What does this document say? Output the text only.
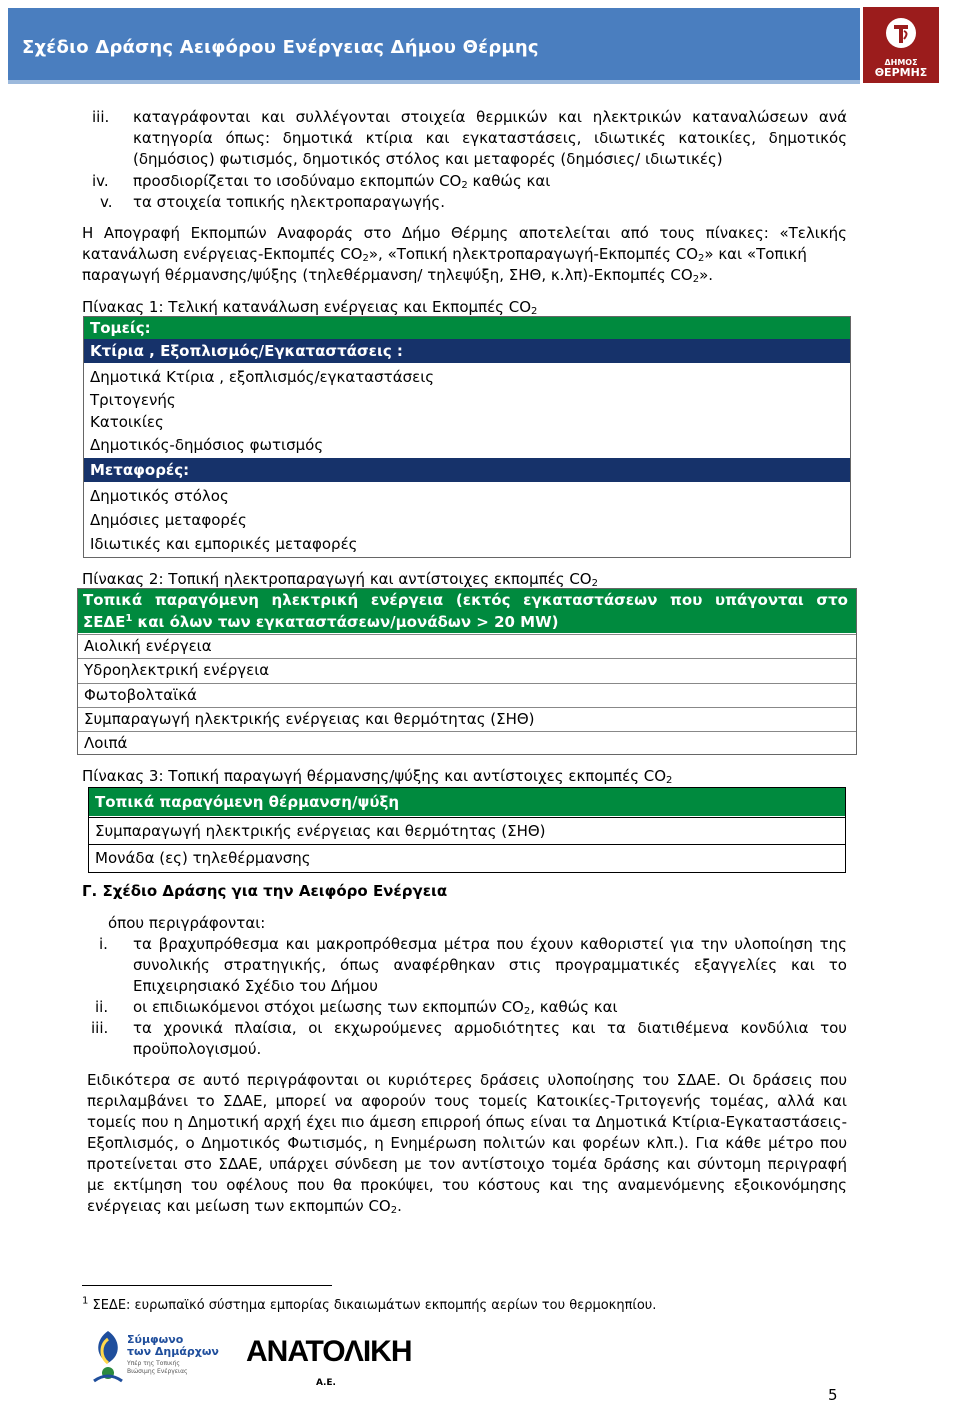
Σχέδιο Δράσης Αειφόρου Ενέργειας Δήμου Θέρμης
ΔΗΜΟΣ
ΘΕΡΜΗΣ
iii. καταγράφονται και συλλέγονται στοιχεία θερμικών και ηλεκτρικών καταναλώσεων ανά
κατηγορία όπως: δημοτικά κτίρια και εγκαταστάσεις, ιδιωτικές κατοικίες, δημοτικός
(δημόσιος) φωτισμός, δημοτικός στόλος και μεταφορές (δημόσιες/ ιδιωτικές)
iv. προσδιορίζεται το ισοδύναμο εκπομπών $CO_2$ καθώς και
v. τα στοιχεία τοπικής ηλεκτροπαραγωγής.
Η Απογραφή Εκπομπών Αναφοράς στο Δήμο Θέρμης αποτελείται από τους πίνακες: «Τελικής
κατανάλωση ενέργειας-Εκπομπές $CO_2$», «Τοπική ηλεκτροπαραγωγή-Εκπομπές $CO_2$» και «Τοπική
παραγωγή θέρμανσης/ψύξης (τηλεθέρμανση/ τηλεψύξη, ΣΗΘ, κ.λπ)-Εκπομπές $CO_2$».
Πίνακας 1: Τελική κατανάλωση ενέργειας και Εκπομπές $CO_2$
Τομείς:
Κτίρια , Εξοπλισμός/Εγκαταστάσεις :
Δημοτικά Κτίρια , εξοπλισμός/εγκαταστάσεις
Τριτογενής
Κατοικίες
Δημοτικός-δημόσιος φωτισμός
Μεταφορές:
Δημοτικός στόλος
Δημόσιες μεταφορές
Ιδιωτικές και εμπορικές μεταφορές
Πίνακας 2: Τοπική ηλεκτροπαραγωγή και αντίστοιχες εκπομπές $CO_2$
Τοπικά παραγόμενη ηλεκτρική ενέργεια (εκτός εγκαταστάσεων που υπάγονται στο
ΣΕΔΕ$^1$ και όλων των εγκαταστάσεων/μονάδων > 20 MW)
Αιολική ενέργεια
Υδροηλεκτρική ενέργεια
Φωτοβολταϊκά
Συμπαραγωγή ηλεκτρικής ενέργειας και θερμότητας (ΣΗΘ)
Λοιπά
Πίνακας 3: Τοπική παραγωγή θέρμανσης/ψύξης και αντίστοιχες εκπομπές $CO_2$
Τοπικά παραγόμενη θέρμανση/ψύξη
Συμπαραγωγή ηλεκτρικής ενέργειας και θερμότητας (ΣΗΘ)
Μονάδα (ες) τηλεθέρμανσης
Γ. Σχέδιο Δράσης για την Αειφόρο Ενέργεια
όπου περιγράφονται:
i. τα βραχυπρόθεσμα και μακροπρόθεσμα μέτρα που έχουν καθοριστεί για την υλοποίηση της
συνολικής στρατηγικής, όπως αναφέρθηκαν στις προγραμματικές εξαγγελίες και το
Επιχειρησιακό Σχέδιο του Δήμου
ii. οι επιδιωκόμενοι στόχοι μείωσης των εκπομπών $CO_2$, καθώς και
iii. τα χρονικά πλαίσια, οι εκχωρούμενες αρμοδιότητες και τα διατιθέμενα κονδύλια του
προϋπολογισμού.
Ειδικότερα σε αυτό περιγράφονται οι κυριότερες δράσεις υλοποίησης του ΣΔΑΕ. Οι δράσεις που
περιλαμβάνει το ΣΔΑΕ, μπορεί να αφορούν τους τομείς Κατοικίες-Τριτογενής τομέας, αλλά και
τομείς που η Δημοτική αρχή έχει πιο άμεση επιρροή όπως είναι τα Δημοτικά Κτίρια-Εγκαταστάσεις-
Εξοπλισμός, ο Δημοτικός Φωτισμός, η Ενημέρωση πολιτών και φορέων κλπ.). Για κάθε μέτρο που
προτείνεται στο ΣΔΑΕ, υπάρχει σύνδεση με τον αντίστοιχο τομέα δράσης και σύντομη περιγραφή
με εκτίμηση του οφέλους που θα προκύψει, του κόστους και της αναμενόμενης εξοικονόμησης
ενέργειας και μείωση των εκπομπών $CO_2$.
$^1$ ΣΕΔΕ: ευρωπαϊκό σύστημα εμπορίας δικαιωμάτων εκπομπής αερίων του θερμοκηπίου.
Σύμφωνο
των Δημάρχων
Υπέρ της Τοπικής
Βιώσιμης Ενέργειας
ΑΝΑΤΟΛΙΚΗ
Α.Ε.
5
